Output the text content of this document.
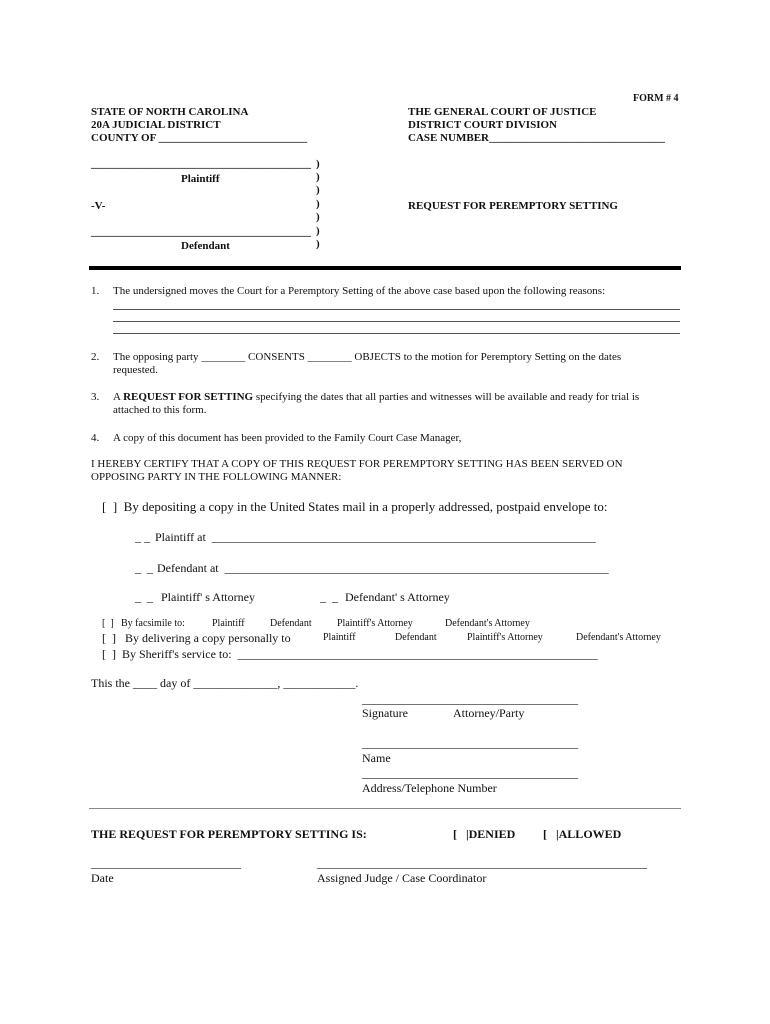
FORM # 4
STATE OF NORTH CAROLINA
20A JUDICIAL DISTRICT
COUNTY OF ___________________________
THE GENERAL COURT OF JUSTICE
DISTRICT COURT DIVISION
CASE NUMBER________________________________
________________________________________
Plaintiff
-V-
________________________________________
Defendant
)
)
)
)
)
)
)
REQUEST FOR PEREMPTORY SETTING
1. The undersigned moves the Court for a Peremptory Setting of the above case based upon the following reasons:
2. The opposing party ________ CONSENTS ________ OBJECTS to the motion for Peremptory Setting on the dates
requested.
3. A REQUEST FOR SETTING specifying the dates that all parties and witnesses will be available and ready for trial is
attached to this form.
4. A copy of this document has been provided to the Family Court Case Manager,
I HEREBY CERTIFY THAT A COPY OF THIS REQUEST FOR PEREMPTORY SETTING HAS BEEN SERVED ON
OPPOSING PARTY IN THE FOLLOWING MANNER:
[  ]  By depositing a copy in the United States mail in a properly addressed, postpaid envelope to:
_ _ Plaintiff at  ________________________________________________________________
_  _ Defendant at  ________________________________________________________________
_  _ Plaintiff' s Attorney	_  _ Defendant' s Attorney
[  ] By facsimile to:	Plaintiff	Defendant	Plaintiff's Attorney	Defendant's Attorney
[  ] By delivering a copy personally to	Plaintiff	Defendant	Plaintiff's Attorney	Defendant's Attorney
[  ]  By Sheriff's service to:  ____________________________________________________________
This the ____ day of ______________, ____________.
____________________________________
Signature	Attorney/Party
____________________________________
Name
____________________________________
Address/Telephone Number
THE REQUEST FOR PEREMPTORY SETTING IS:	[   |DENIED [   |ALLOWED
_________________________
Date
_______________________________________________________
Assigned Judge / Case Coordinator
